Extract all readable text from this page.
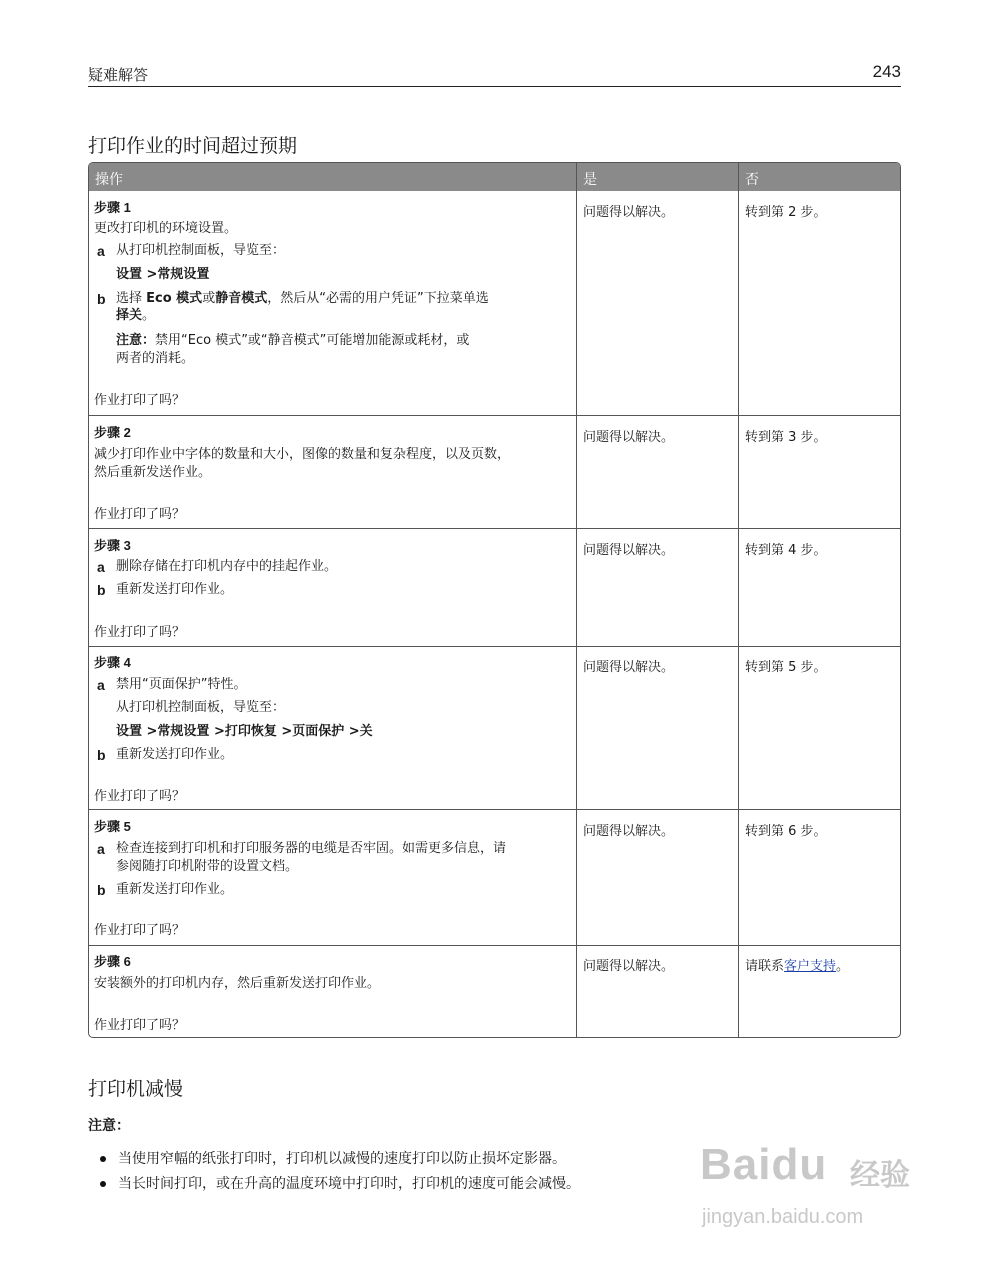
疑难解答	243
打印作业的时间超过预期
操作	是	否
步骤 1
更改打印机的环境设置。
a 从打印机控制面板，导览至：
设置 >常规设置
b 选择 Eco 模式或静音模式，然后从“必需的用户凭证”下拉菜单选
择关。
注意：禁用“Eco 模式”或“静音模式”可能增加能源或耗材，或
两者的消耗。
作业打印了吗？
问题得以解决。	转到第 2 步。
步骤 2
减少打印作业中字体的数量和大小，图像的数量和复杂程度，以及页数，
然后重新发送作业。
作业打印了吗？
问题得以解决。	转到第 3 步。
步骤 3
a 删除存储在打印机内存中的挂起作业。
b 重新发送打印作业。
作业打印了吗？
问题得以解决。	转到第 4 步。
步骤 4
a 禁用“页面保护”特性。
从打印机控制面板，导览至：
设置 >常规设置 >打印恢复 >页面保护 >关
b 重新发送打印作业。
作业打印了吗？
问题得以解决。	转到第 5 步。
步骤 5
a 检查连接到打印机和打印服务器的电缆是否牢固。如需更多信息，请
参阅随打印机附带的设置文档。
b 重新发送打印作业。
作业打印了吗？
问题得以解决。	转到第 6 步。
步骤 6
安装额外的打印机内存，然后重新发送打印作业。
作业打印了吗？
问题得以解决。	请联系客户支持。
打印机减慢
注意：
当使用窄幅的纸张打印时，打印机以减慢的速度打印以防止损坏定影器。
当长时间打印，或在升高的温度环境中打印时，打印机的速度可能会减慢。	Baidu 经验
jingyan.baidu.com
